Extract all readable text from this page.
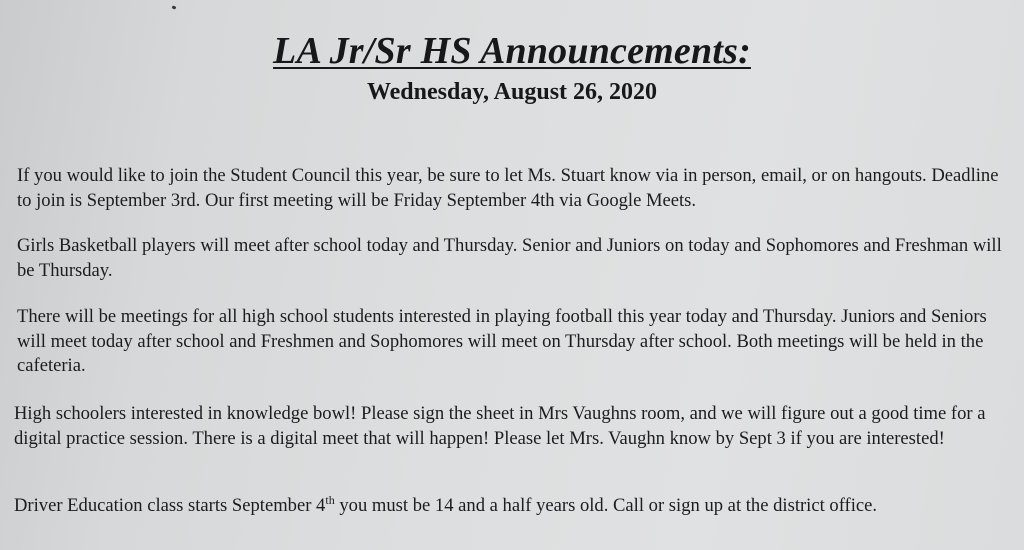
LA Jr/Sr HS Announcements:
Wednesday, August 26, 2020

If you would like to join the Student Council this year, be sure to let Ms. Stuart know via in person, email, or on hangouts. Deadline to join is September 3rd. Our first meeting will be Friday September 4th via Google Meets.

Girls Basketball players will meet after school today and Thursday. Senior and Juniors on today and Sophomores and Freshman will be Thursday.

There will be meetings for all high school students interested in playing football this year today and Thursday. Juniors and Seniors will meet today after school and Freshmen and Sophomores will meet on Thursday after school. Both meetings will be held in the cafeteria.

High schoolers interested in knowledge bowl! Please sign the sheet in Mrs Vaughns room, and we will figure out a good time for a digital practice session. There is a digital meet that will happen! Please let Mrs. Vaughn know by Sept 3 if you are interested!

Driver Education class starts September 4th you must be 14 and a half years old. Call or sign up at the district office.
